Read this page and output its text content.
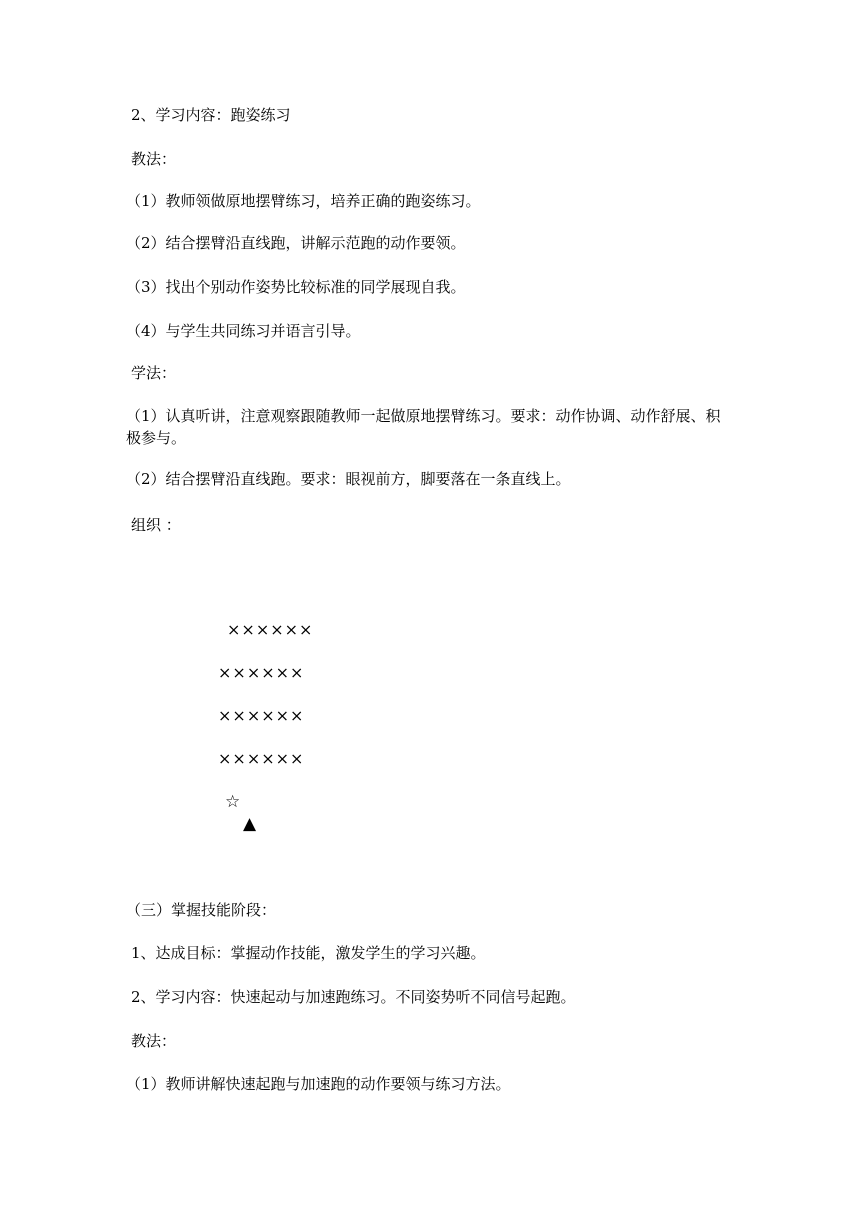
2、学习内容：跑姿练习
教法：
（1）教师领做原地摆臂练习，培养正确的跑姿练习。
（2）结合摆臂沿直线跑，讲解示范跑的动作要领。
（3）找出个别动作姿势比较标准的同学展现自我。
（4）与学生共同练习并语言引导。
学法：
（1）认真听讲，注意观察跟随教师一起做原地摆臂练习。要求：动作协调、动作舒展、积极参与。
（2）结合摆臂沿直线跑。要求：眼视前方，脚要落在一条直线上。
组织 ：
××××××
××××××
××××××
××××××
☆
▲
（三）掌握技能阶段：
1、达成目标：掌握动作技能，激发学生的学习兴趣。
2、学习内容：快速起动与加速跑练习。不同姿势听不同信号起跑。
教法：
（1）教师讲解快速起跑与加速跑的动作要领与练习方法。
